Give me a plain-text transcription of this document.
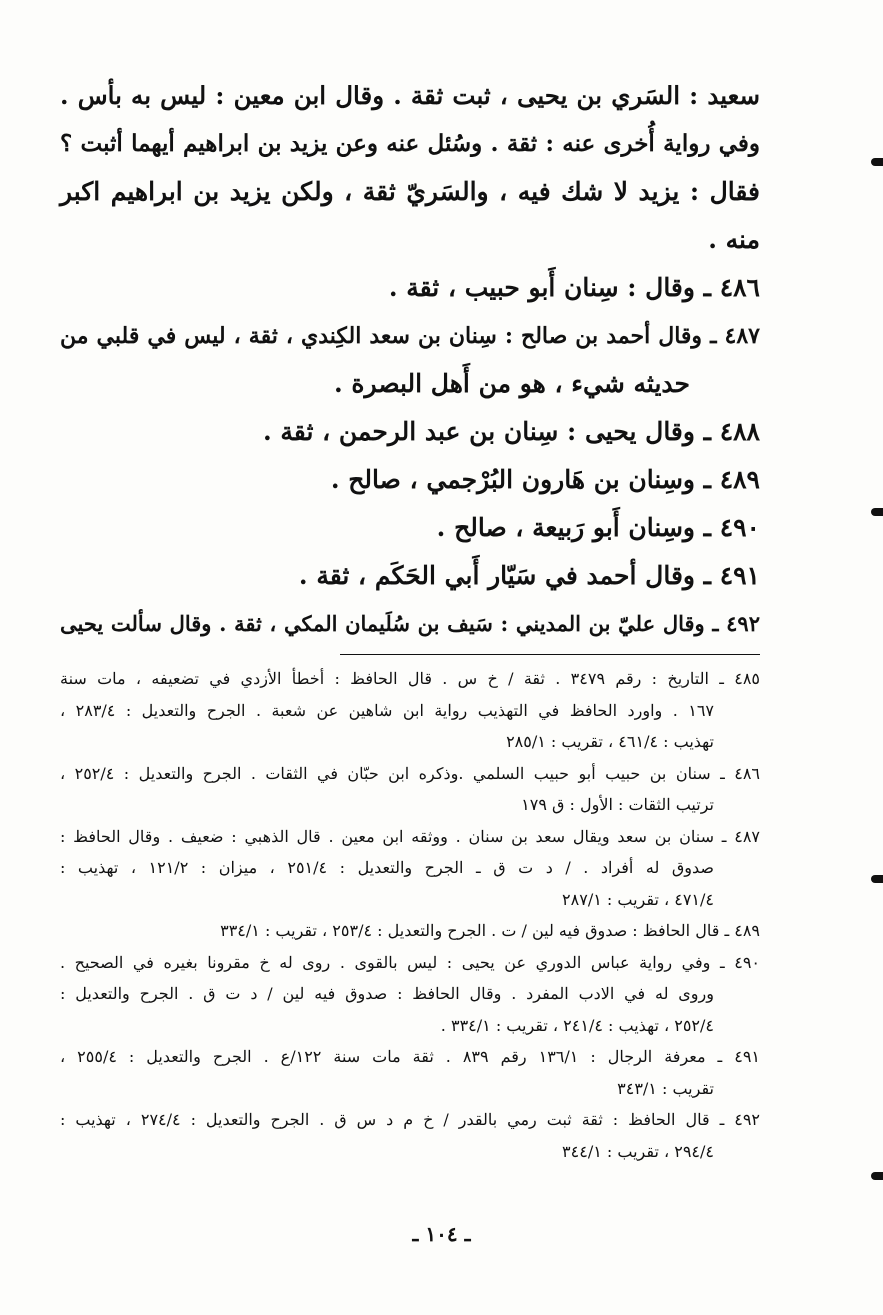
سعيد : السَري بن يحيى ، ثبت ثقة . وقال ابن معين : ليس به بأس .
وفي رواية أُخرى عنه : ثقة . وسُئل عنه وعن يزيد بن ابراهيم أيهما أثبت ؟
فقال : يزيد لا شك فيه ، والسَريّ ثقة ، ولكن يزيد بن ابراهيم اكبر
منه .
٤٨٦ ـ وقال : سِنان أَبو حبيب ، ثقة .
٤٨٧ ـ وقال أحمد بن صالح : سِنان بن سعد الكِندي ، ثقة ، ليس في قلبي من
حديثه شيء ، هو من أَهل البصرة .
٤٨٨ ـ وقال يحيى : سِنان بن عبد الرحمن ، ثقة .
٤٨٩ ـ وسِنان بن هَارون البُرْجمي ، صالح .
٤٩٠ ـ وسِنان أَبو رَبيعة ، صالح .
٤٩١ ـ وقال أحمد في سَيّار أَبي الحَكَم ، ثقة .
٤٩٢ ـ وقال عليّ بن المديني : سَيف بن سُلَيمان المكي ، ثقة . وقال سألت يحيى
٤٨٥ ـ التاريخ : رقم ٣٤٧٩ . ثقة / خ س . قال الحافظ : أخطأ الأزدي في تضعيفه ، مات سنة
١٦٧ . واورد الحافظ في التهذيب رواية ابن شاهين عن شعبة . الجرح والتعديل : ٢٨٣/٤ ،
تهذيب : ٤٦١/٤ ، تقريب : ٢٨٥/١
٤٨٦ ـ سنان بن حبيب أبو حبيب السلمي .وذكره ابن حبّان في الثقات . الجرح والتعديل : ٢٥٢/٤ ،
ترتيب الثقات : الأول : ق ١٧٩
٤٨٧ ـ سنان بن سعد ويقال سعد بن سنان . ووثقه ابن معين . قال الذهبي : ضعيف . وقال الحافظ :
صدوق له أفراد . / د ت ق ـ الجرح والتعديل : ٢٥١/٤ ، ميزان : ١٢١/٢ ، تهذيب :
٤٧١/٤ ، تقريب : ٢٨٧/١
٤٨٩ ـ قال الحافظ : صدوق فيه لين / ت . الجرح والتعديل : ٢٥٣/٤ ، تقريب : ٣٣٤/١
٤٩٠ ـ وفي رواية عباس الدوري عن يحيى : ليس بالقوى . روى له خ مقرونا بغيره في الصحيح .
وروى له في الادب المفرد . وقال الحافظ : صدوق فيه لين / د ت ق . الجرح والتعديل :
٢٥٢/٤ ، تهذيب : ٢٤١/٤ ، تقريب : ٣٣٤/١ .
٤٩١ ـ معرفة الرجال : ١٣٦/١ رقم ٨٣٩ . ثقة مات سنة ١٢٢/ع . الجرح والتعديل : ٢٥٥/٤ ،
تقريب : ٣٤٣/١
٤٩٢ ـ قال الحافظ : ثقة ثبت رمي بالقدر / خ م د س ق . الجرح والتعديل : ٢٧٤/٤ ، تهذيب :
٢٩٤/٤ ، تقريب : ٣٤٤/١
ـ ١٠٤ ـ
